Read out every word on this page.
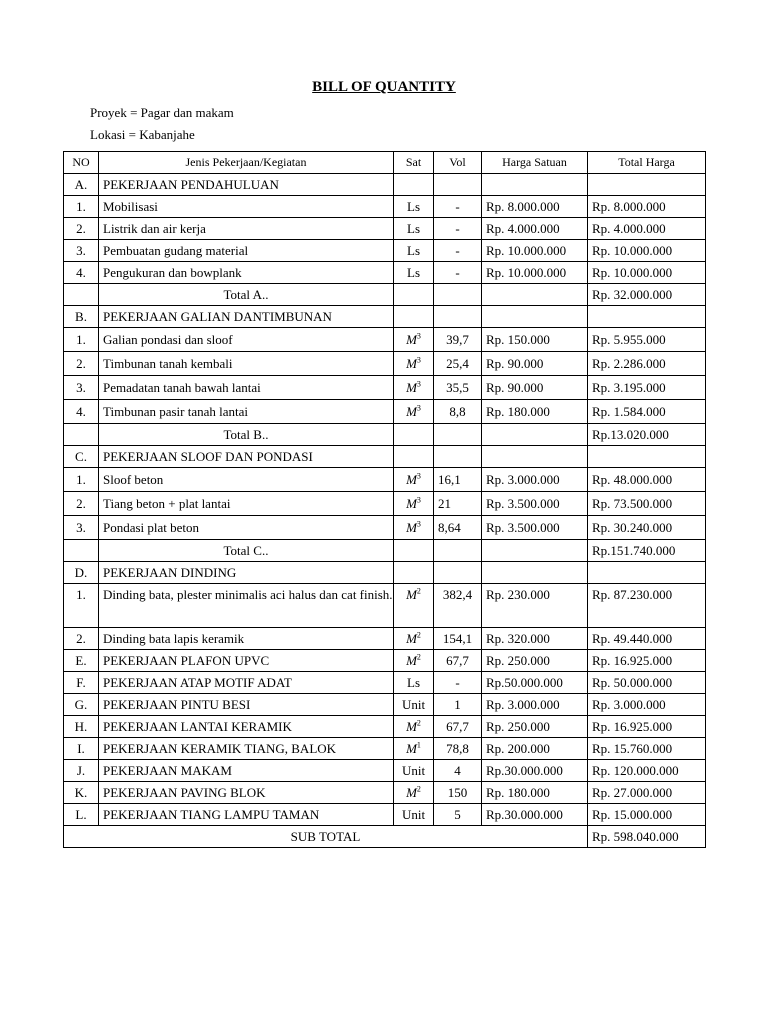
BILL OF QUANTITY
Proyek = Pagar dan makam
Lokasi = Kabanjahe
NO	Jenis Pekerjaan/Kegiatan	Sat	Vol	Harga Satuan	Total Harga
A.	PEKERJAAN PENDAHULUAN				
1.	Mobilisasi	Ls	-	Rp. 8.000.000	Rp. 8.000.000
2.	Listrik dan air kerja	Ls	-	Rp. 4.000.000	Rp. 4.000.000
3.	Pembuatan gudang material	Ls	-	Rp. 10.000.000	Rp. 10.000.000
4.	Pengukuran dan bowplank	Ls	-	Rp. 10.000.000	Rp. 10.000.000
	Total A..				Rp. 32.000.000
B.	PEKERJAAN GALIAN DANTIMBUNAN				
1.	Galian pondasi dan sloof	$M^3$	39,7	Rp. 150.000	Rp. 5.955.000
2.	Timbunan tanah kembali	$M^3$	25,4	Rp. 90.000	Rp. 2.286.000
3.	Pemadatan tanah bawah lantai	$M^3$	35,5	Rp. 90.000	Rp. 3.195.000
4.	Timbunan pasir tanah lantai	$M^3$	8,8	Rp. 180.000	Rp. 1.584.000
	Total B..				Rp.13.020.000
C.	PEKERJAAN SLOOF DAN PONDASI				
1.	Sloof beton	$M^3$	16,1	Rp. 3.000.000	Rp. 48.000.000
2.	Tiang beton + plat lantai	$M^3$	21	Rp. 3.500.000	Rp. 73.500.000
3.	Pondasi plat beton	$M^3$	8,64	Rp. 3.500.000	Rp. 30.240.000
	Total C..				Rp.151.740.000
D.	PEKERJAAN DINDING				
1.	Dinding bata, plester minimalis aci halus dan cat finish.	$M^2$	382,4	Rp. 230.000	Rp. 87.230.000
2.	Dinding bata lapis keramik	$M^2$	154,1	Rp. 320.000	Rp. 49.440.000
E.	PEKERJAAN PLAFON UPVC	$M^2$	67,7	Rp. 250.000	Rp. 16.925.000
F.	PEKERJAAN ATAP MOTIF ADAT	Ls	-	Rp.50.000.000	Rp. 50.000.000
G.	PEKERJAAN PINTU BESI	Unit	1	Rp. 3.000.000	Rp. 3.000.000
H.	PEKERJAAN LANTAI KERAMIK	$M^2$	67,7	Rp. 250.000	Rp. 16.925.000
I.	PEKERJAAN KERAMIK TIANG, BALOK	$M^1$	78,8	Rp. 200.000	Rp. 15.760.000
J.	PEKERJAAN MAKAM	Unit	4	Rp.30.000.000	Rp. 120.000.000
K.	PEKERJAAN PAVING BLOK	$M^2$	150	Rp. 180.000	Rp. 27.000.000
L.	PEKERJAAN TIANG LAMPU TAMAN	Unit	5	Rp.30.000.000	Rp. 15.000.000
SUB TOTAL					Rp. 598.040.000
